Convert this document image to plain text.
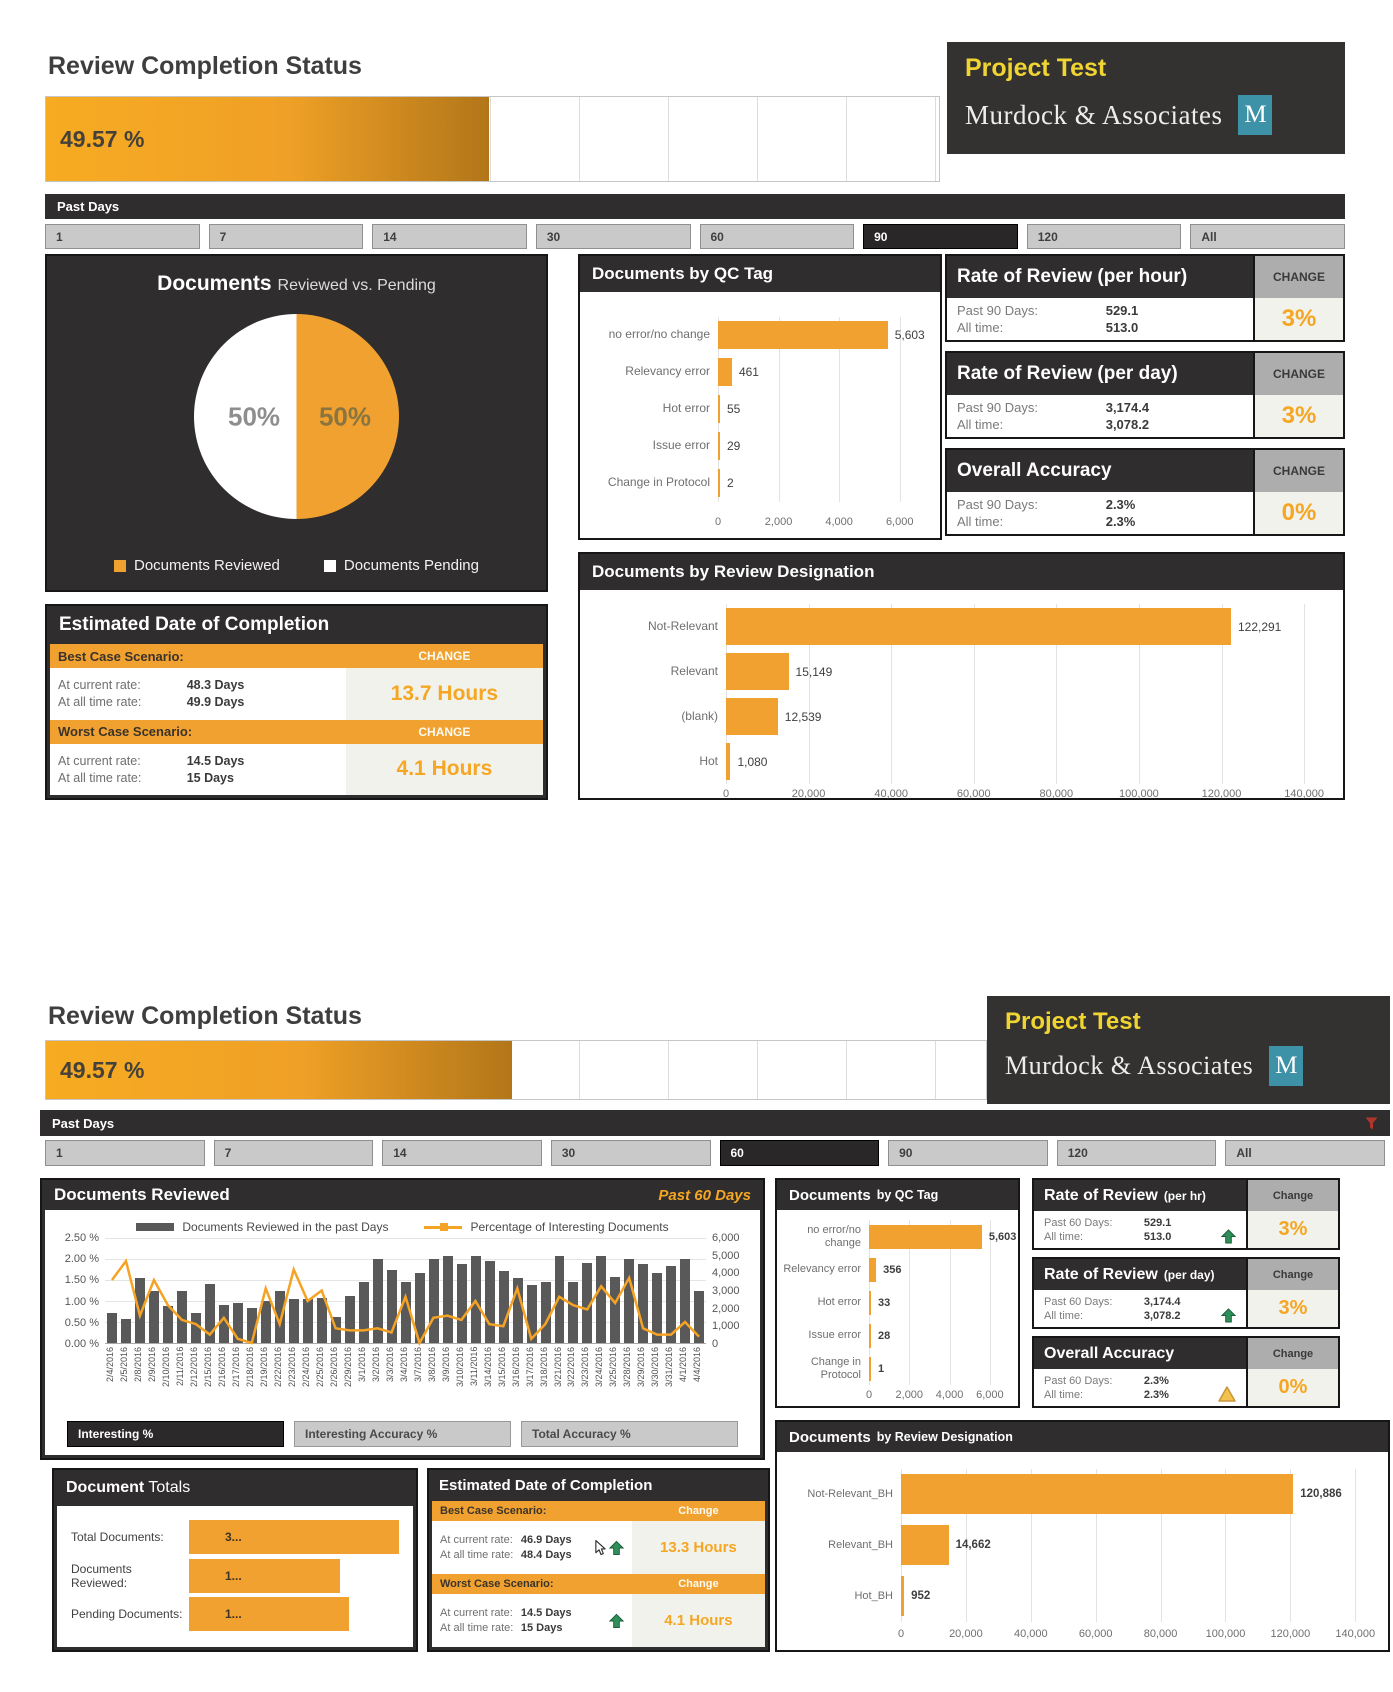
Review Completion Status
49.57 %
Project Test
Murdock & Associates M
Past Days
1	7	14	30	60	90	120	All
Documents Reviewed vs. Pending
50% 50%
Documents Reviewed	Documents Pending
Documents by QC Tag
no error/no change	5,603
Relevancy error	461
Hot error	55
Issue error	29
Change in Protocol	2
0	2,000	4,000	6,000
Rate of Review (per hour)	CHANGE
Past 90 Days:	529.1
All time:	513.0	3%
Rate of Review (per day)	CHANGE
Past 90 Days:	3,174.4
All time:	3,078.2	3%
Overall Accuracy	CHANGE
Past 90 Days:	2.3%
All time:	2.3%	0%
Documents by Review Designation
Not-Relevant	122,291
Relevant	15,149
(blank)	12,539
Hot	1,080
0	20,000	40,000	60,000	80,000	100,000	120,000	140,000
Estimated Date of Completion
Best Case Scenario:	CHANGE
At current rate:	48.3 Days
At all time rate:	49.9 Days	13.7 Hours
Worst Case Scenario:	CHANGE
At current rate:	14.5 Days
At all time rate:	15 Days	4.1 Hours
Review Completion Status
49.57 %
Project Test
Murdock & Associates M
Past Days
1	7	14	30	60	90	120	All
Documents Reviewed	Past 60 Days
Documents Reviewed in the past Days	Percentage of Interesting Documents
2.50 %
2.00 %
1.50 %
1.00 %
0.50 %
0.00 %
6,000
5,000
4,000
3,000
2,000
1,000
0
2/4/2016 2/5/2016 2/8/2016 2/9/2016 2/10/2016 2/11/2016 2/12/2016 2/15/2016 2/16/2016 2/17/2016 2/18/2016 2/19/2016 2/22/2016 2/23/2016 2/24/2016 2/25/2016 2/26/2016 2/29/2016 3/1/2016 3/2/2016 3/3/2016 3/4/2016 3/7/2016 3/8/2016 3/9/2016 3/10/2016 3/11/2016 3/14/2016 3/15/2016 3/16/2016 3/17/2016 3/18/2016 3/21/2016 3/22/2016 3/23/2016 3/24/2016 3/25/2016 3/28/2016 3/29/2016 3/30/2016 3/31/2016 4/1/2016 4/4/2016
Interesting %	Interesting Accuracy %	Total Accuracy %
Documents by QC Tag
no error/no change	5,603
Relevancy error	356
Hot error	33
Issue error	28
Change in Protocol	1
0 2,000 4,000 6,000
Rate of Review (per hr)	Change
Past 60 Days:	529.1
All time:	513.0	3%
Rate of Review (per day)	Change
Past 60 Days:	3,174.4
All time:	3,078.2	3%
Overall Accuracy	Change
Past 60 Days:	2.3%
All time:	2.3%	0%
Document Totals
Total Documents:	3...
Documents Reviewed:	1...
Pending Documents:	1...
Estimated Date of Completion
Best Case Scenario:	Change
At current rate: 46.9 Days
At all time rate: 48.4 Days	13.3 Hours
Worst Case Scenario:	Change
At current rate: 14.5 Days
At all time rate: 15 Days	4.1 Hours
Documents by Review Designation
Not-Relevant_BH	120,886
Relevant_BH	14,662
Hot_BH	952
0	20,000	40,000	60,000	80,000	100,000 120,000 140,000
